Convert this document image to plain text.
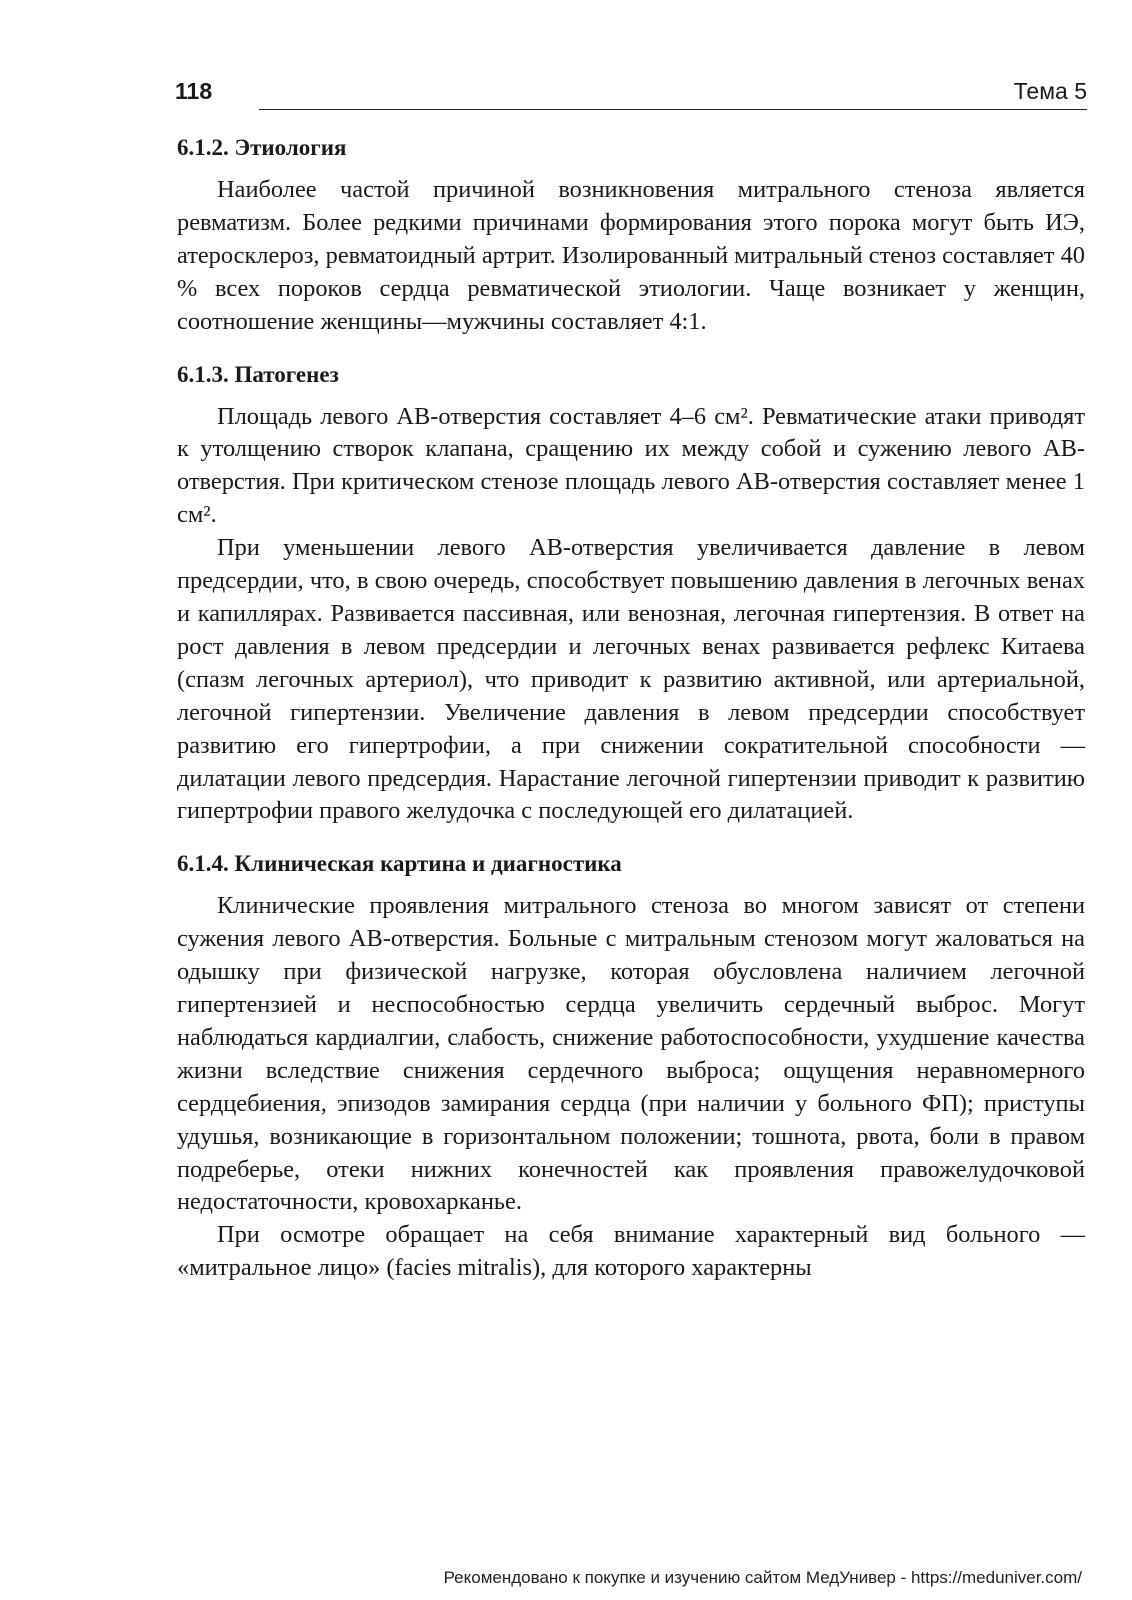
118	Тема 5
6.1.2. Этиология

Наиболее частой причиной возникновения митрального стеноза является ревматизм. Более редкими причинами формирования этого порока могут быть ИЭ, атеросклероз, ревматоидный артрит. Изолированный митральный стеноз составляет 40 % всех пороков сердца ревматической этиологии. Чаще возникает у женщин, соотношение женщины—мужчины составляет 4:1.

6.1.3. Патогенез

Площадь левого АВ-отверстия составляет 4–6 см². Ревматические атаки приводят к утолщению створок клапана, сращению их между собой и сужению левого АВ-отверстия. При критическом стенозе площадь левого АВ-отверстия составляет менее 1 см².

При уменьшении левого АВ-отверстия увеличивается давление в левом предсердии, что, в свою очередь, способствует повышению давления в легочных венах и капиллярах. Развивается пассивная, или венозная, легочная гипертензия. В ответ на рост давления в левом предсердии и легочных венах развивается рефлекс Китаева (спазм легочных артериол), что приводит к развитию активной, или артериальной, легочной гипертензии. Увеличение давления в левом предсердии способствует развитию его гипертрофии, а при снижении сократительной способности — дилатации левого предсердия. Нарастание легочной гипертензии приводит к развитию гипертрофии правого желудочка с последующей его дилатацией.

6.1.4. Клиническая картина и диагностика

Клинические проявления митрального стеноза во многом зависят от степени сужения левого АВ-отверстия. Больные с митральным стенозом могут жаловаться на одышку при физической нагрузке, которая обусловлена наличием легочной гипертензией и неспособностью сердца увеличить сердечный выброс. Могут наблюдаться кардиалгии, слабость, снижение работоспособности, ухудшение качества жизни вследствие снижения сердечного выброса; ощущения неравномерного сердцебиения, эпизодов замирания сердца (при наличии у больного ФП); приступы удушья, возникающие в горизонтальном положении; тошнота, рвота, боли в правом подреберье, отеки нижних конечностей как проявления правожелудочковой недостаточности, кровохарканье.

При осмотре обращает на себя внимание характерный вид больного — «митральное лицо» (facies mitralis), для которого характерны

Рекомендовано к покупке и изучению сайтом МедУнивер - https://meduniver.com/
